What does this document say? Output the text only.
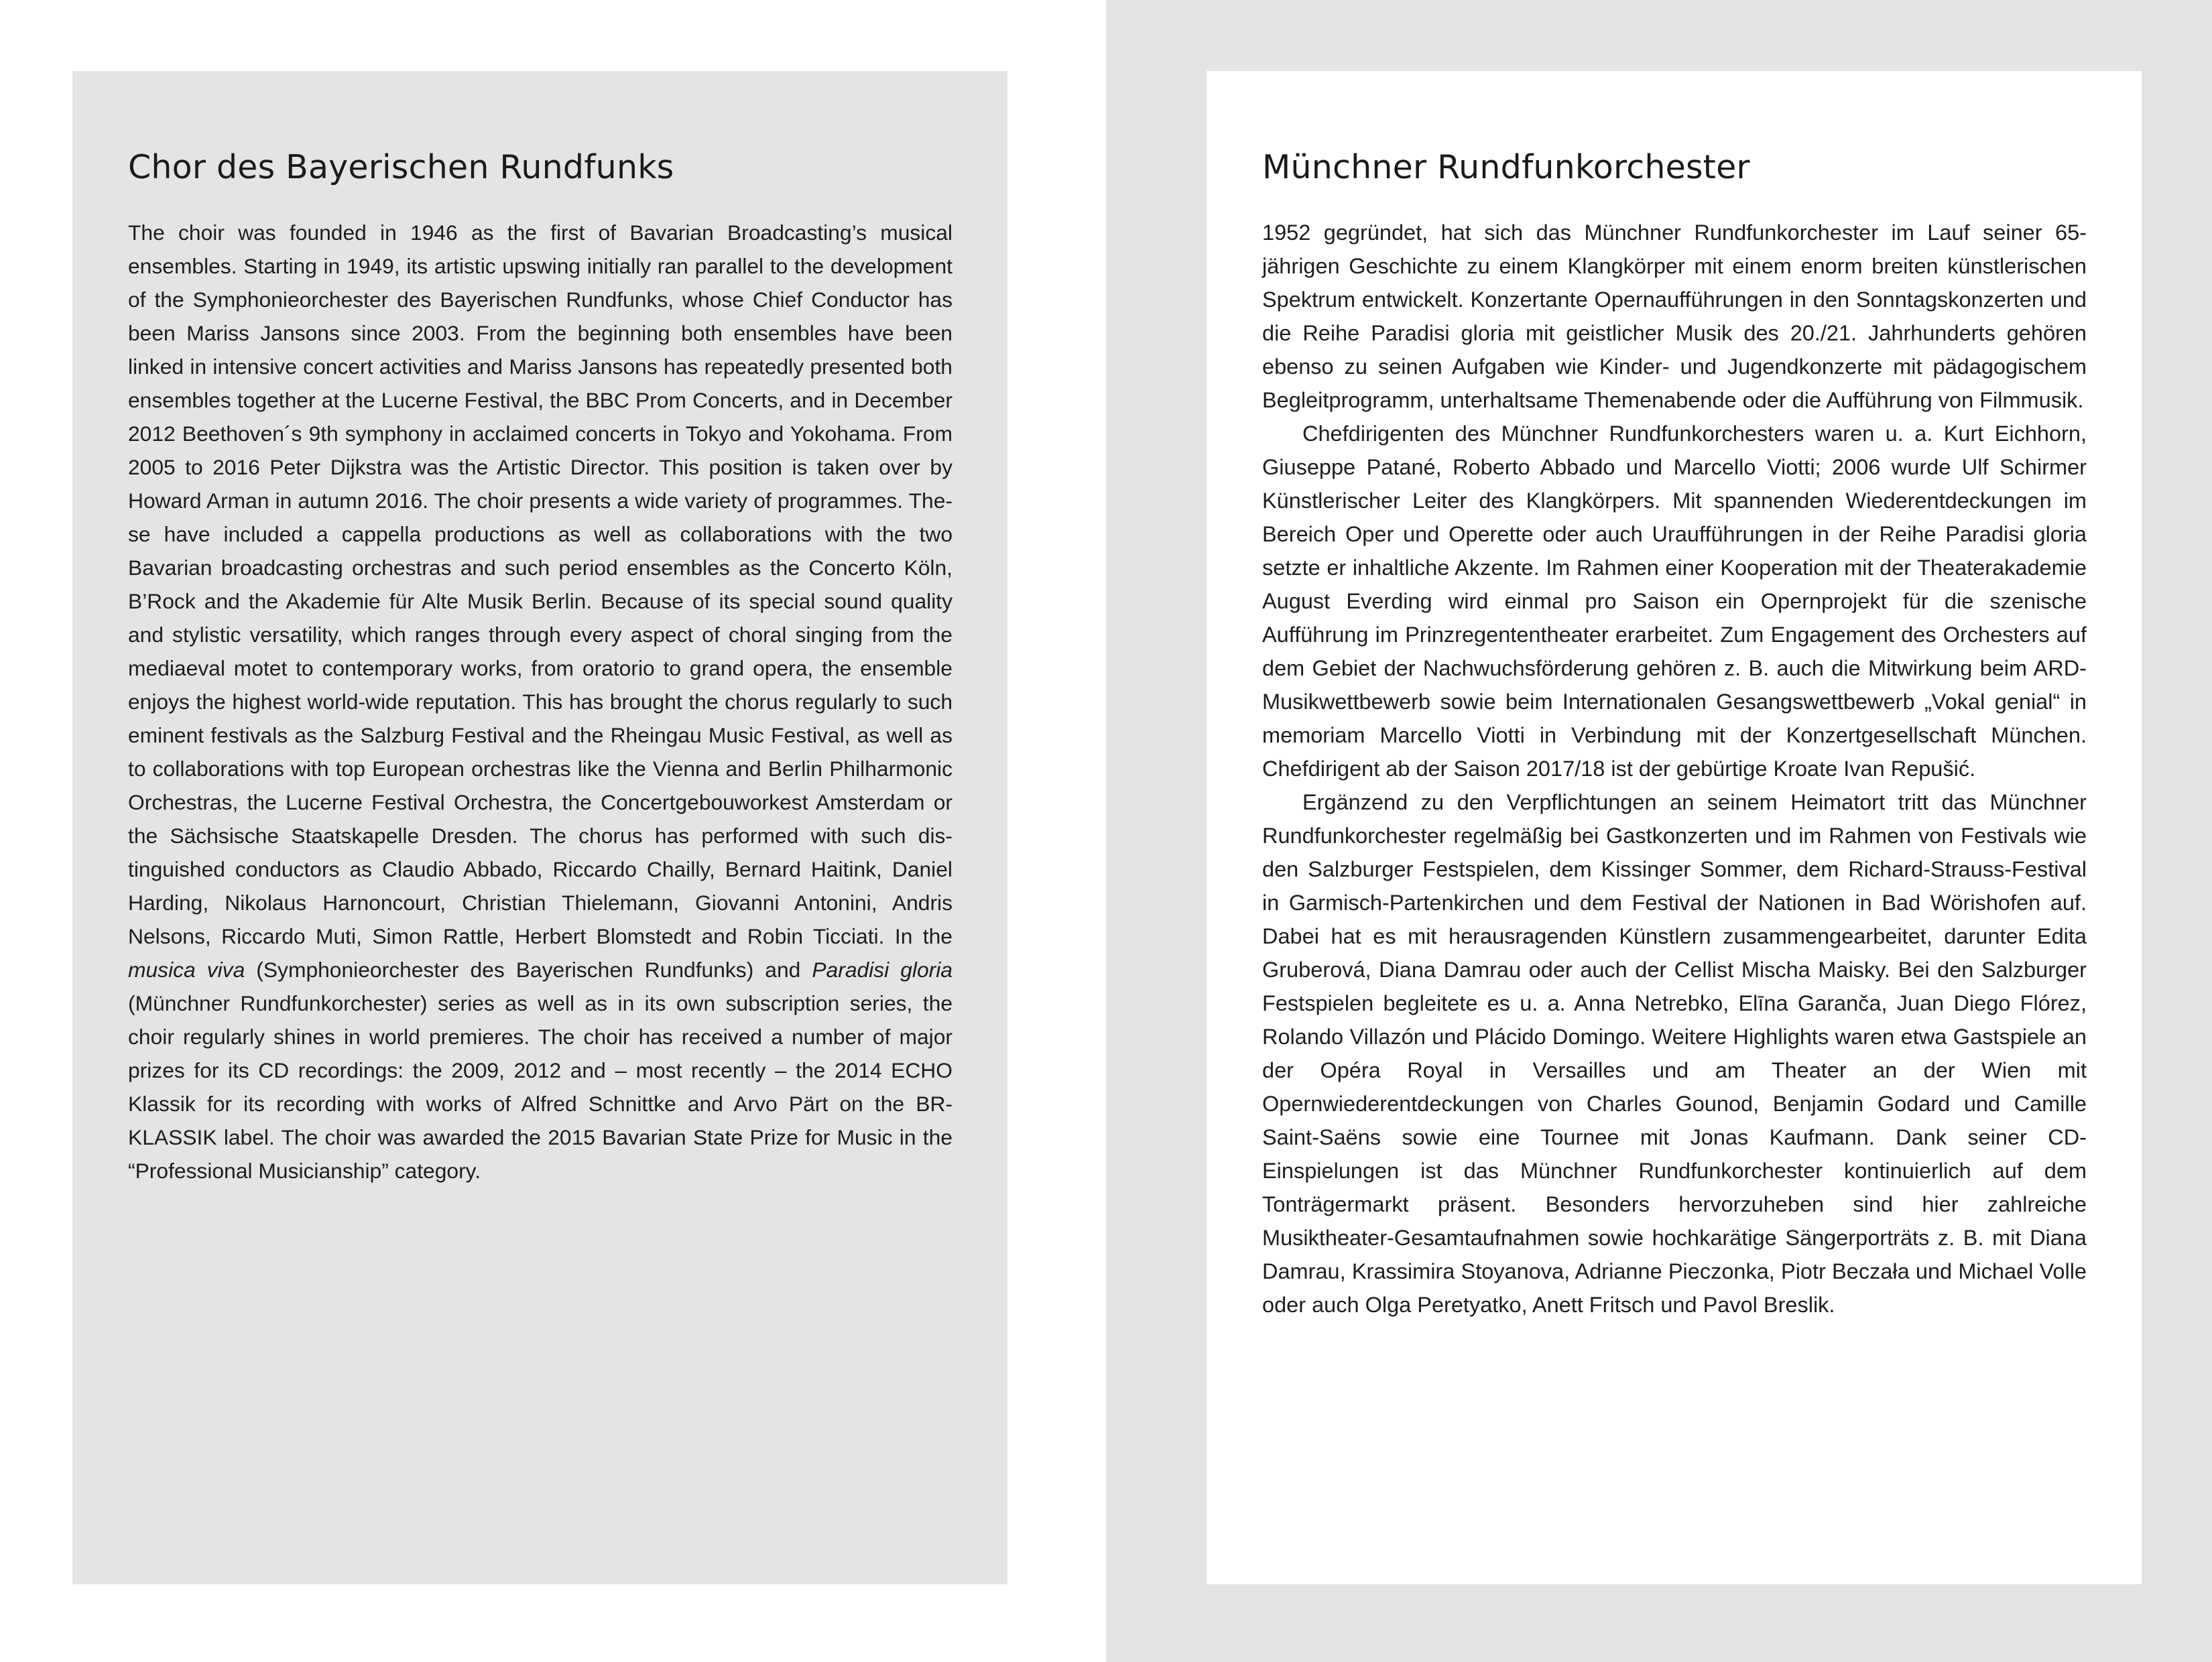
Chor des Bayerischen Rundfunks

The choir was founded in 1946 as the first of Bavarian Broadcasting’s musical ensembles. Starting in 1949, its artistic upswing initially ran parallel to the development of the Symphonieorchester des Bayerischen Rundfunks, whose Chief Conductor has been Mariss Jansons since 2003. From the beginning both ensembles have been linked in intensive concert activities and Mariss Jansons has repeatedly presented both ensembles together at the Lucerne Festival, the BBC Prom Concerts, and in December 2012 Beethoven´s 9th symphony in acclaimed concerts in Tokyo and Yokohama. From 2005 to 2016 Peter Dijkstra was the Artistic Director. This position is taken over by Howard Arman in autumn 2016. The choir presents a wide variety of programmes. These have included a cappella productions as well as collaborations with the two Bavarian broadcasting orchestras and such period ensembles as the Concerto Köln, B’Rock and the Akademie für Alte Musik Berlin. Because of its special sound quality and stylistic versatility, which ranges through every aspect of choral singing from the mediaeval motet to contemporary works, from oratorio to grand opera, the ensemble enjoys the highest world-wide reputation. This has brought the chorus regularly to such eminent festivals as the Salzburg Festival and the Rheingau Music Festival, as well as to collaborations with top European orchestras like the Vienna and Berlin Philharmonic Orchestras, the Lucerne Festival Orchestra, the Concertgebouworkest Amsterdam or the Sächsische Staatskapelle Dresden. The chorus has performed with such distinguished conductors as Claudio Abbado, Riccardo Chailly, Bernard Haitink, Daniel Harding, Nikolaus Harnoncourt, Christian Thielemann, Giovanni Antonini, Andris Nelsons, Riccardo Muti, Simon Rattle, Herbert Blomstedt and Robin Ticciati. In the musica viva (Symphonieorchester des Bayerischen Rundfunks) and Paradisi gloria (Münchner Rundfunkorchester) series as well as in its own subscription series, the choir regularly shines in world premieres. The choir has received a number of major prizes for its CD recordings: the 2009, 2012 and – most recently – the 2014 ECHO Klassik for its recording with works of Alfred Schnittke and Arvo Pärt on the BR-KLASSIK label. The choir was awarded the 2015 Bavarian State Prize for Music in the “Professional Musicianship” category.

Münchner Rundfunkorchester

1952 gegründet, hat sich das Münchner Rundfunkorchester im Lauf seiner 65-jährigen Geschichte zu einem Klangkörper mit einem enorm breiten künstlerischen Spektrum entwickelt. Konzertante Opernaufführungen in den Sonntagskonzerten und die Reihe Paradisi gloria mit geistlicher Musik des 20./21. Jahrhunderts gehören ebenso zu seinen Aufgaben wie Kinder- und Jugendkonzerte mit pädagogischem Begleitprogramm, unterhaltsame Themenabende oder die Aufführung von Filmmusik.

Chefdirigenten des Münchner Rundfunkorchesters waren u. a. Kurt Eichhorn, Giuseppe Patané, Roberto Abbado und Marcello Viotti; 2006 wurde Ulf Schirmer Künstlerischer Leiter des Klangkörpers. Mit spannenden Wiederentdeckungen im Bereich Oper und Operette oder auch Uraufführungen in der Reihe Paradisi gloria setzte er inhaltliche Akzente. Im Rahmen einer Kooperation mit der Theaterakademie August Everding wird einmal pro Saison ein Opernprojekt für die szenische Aufführung im Prinzregententheater erarbeitet. Zum Engagement des Orchesters auf dem Gebiet der Nachwuchsförderung gehören z. B. auch die Mitwirkung beim ARD-Musikwettbewerb sowie beim Internationalen Gesangswettbewerb „Vokal genial“ in memoriam Marcello Viotti in Verbindung mit der Konzertgesellschaft München. Chefdirigent ab der Saison 2017/18 ist der gebürtige Kroate Ivan Repušić.

Ergänzend zu den Verpflichtungen an seinem Heimatort tritt das Münchner Rundfunkorchester regelmäßig bei Gastkonzerten und im Rahmen von Festivals wie den Salzburger Festspielen, dem Kissinger Sommer, dem Richard-Strauss-Festival in Garmisch-Partenkirchen und dem Festival der Nationen in Bad Wörishofen auf. Dabei hat es mit herausragenden Künstlern zusammengearbeitet, darunter Edita Gruberová, Diana Damrau oder auch der Cellist Mischa Maisky. Bei den Salzburger Festspielen begleitete es u. a. Anna Netrebko, Elīna Garanča, Juan Diego Flórez, Rolando Villazón und Plácido Domingo. Weitere Highlights waren etwa Gastspiele an der Opéra Royal in Versailles und am Theater an der Wien mit Opernwiederentdeckungen von Charles Gounod, Benjamin Godard und Camille Saint-Saëns sowie eine Tournee mit Jonas Kaufmann. Dank seiner CD-Einspielungen ist das Münchner Rundfunkorchester kontinuierlich auf dem Tonträgermarkt präsent. Besonders hervorzuheben sind hier zahlreiche Musiktheater-Gesamtaufnahmen sowie hochkarätige Sängerporträts z. B. mit Diana Damrau, Krassimira Stoyanova, Adrianne Pieczonka, Piotr Beczała und Michael Volle oder auch Olga Peretyatko, Anett Fritsch und Pavol Breslik.
